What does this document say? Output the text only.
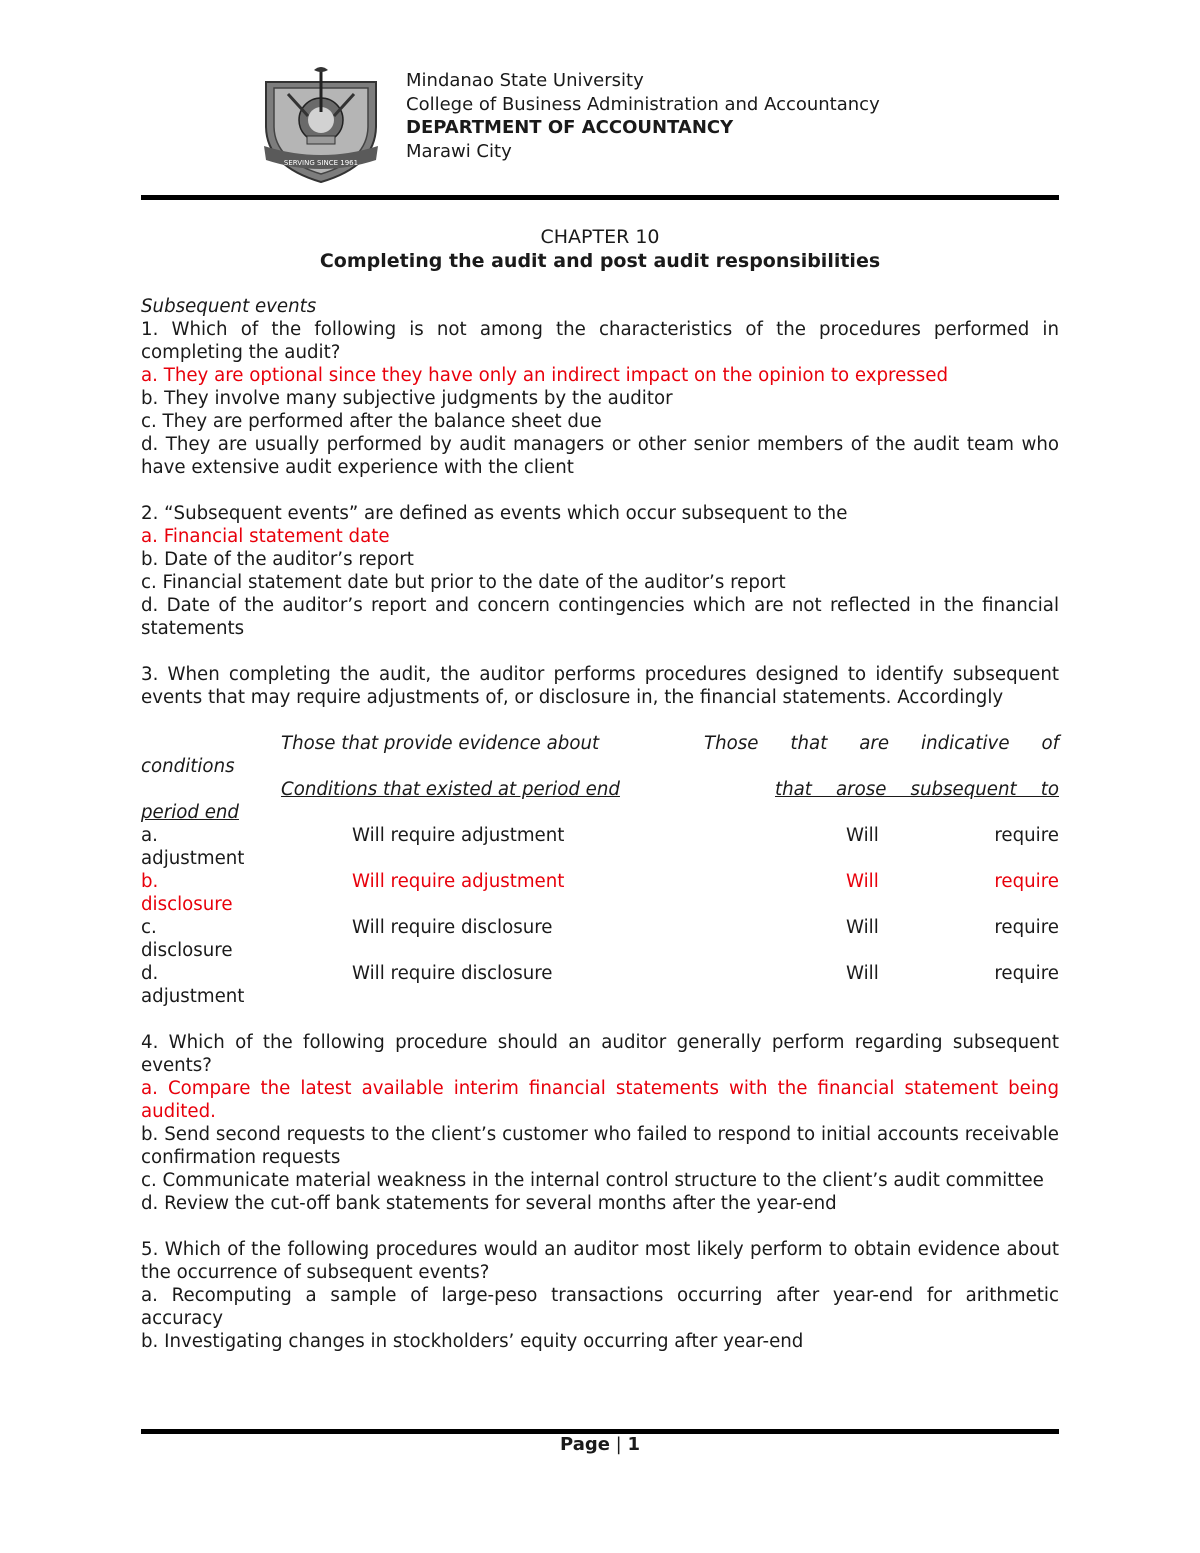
SERVING SINCE 1961
Mindanao State University
College of Business Administration and Accountancy
DEPARTMENT OF ACCOUNTANCY
Marawi City
CHAPTER 10
Completing the audit and post audit responsibilities

Subsequent events

1. Which of the following is not among the characteristics of the procedures performed in completing the audit?

a. They are optional since they have only an indirect impact on the opinion to expressed

b. They involve many subjective judgments by the auditor

c. They are performed after the balance sheet due

d. They are usually performed by audit managers or other senior members of the audit team who have extensive audit experience with the client

2. “Subsequent events” are defined as events which occur subsequent to the

a. Financial statement date

b. Date of the auditor’s report

c. Financial statement date but prior to the date of the auditor’s report

d. Date of the auditor’s report and concern contingencies which are not reflected in the financial statements

3. When completing the audit, the auditor performs procedures designed to identify subsequent events that may require adjustments of, or disclosure in, the financial statements. Accordingly

Those that provide evidence about	Those that are indicative of
conditions
Conditions that existed at period end	that arose subsequent to
period end
a.	Will require adjustment	Will require
adjustment
b.	Will require adjustment	Will require
disclosure
c.	Will require disclosure	Will require
disclosure
d.	Will require disclosure	Will require
adjustment

4. Which of the following procedure should an auditor generally perform regarding subsequent events?

a. Compare the latest available interim financial statements with the financial statement being audited.

b. Send second requests to the client’s customer who failed to respond to initial accounts receivable confirmation requests

c. Communicate material weakness in the internal control structure to the client’s audit committee

d. Review the cut-off bank statements for several months after the year-end

5. Which of the following procedures would an auditor most likely perform to obtain evidence about the occurrence of subsequent events?

a. Recomputing a sample of large-peso transactions occurring after year-end for arithmetic accuracy

b. Investigating changes in stockholders’ equity occurring after year-end

Page | 1
